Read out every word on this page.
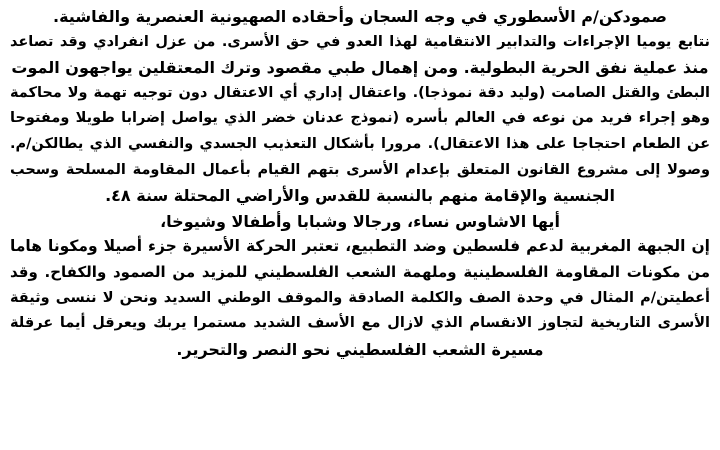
صمودكن/م الأسطوري في وجه السجان وأحقاده الصهيونية العنصرية والفاشية.
نتابع يوميا الإجراءات والتدابير الانتقامية لهذا العدو في حق الأسرى. من عزل انفرادي وقد تصاعد
منذ عملية نفق الحرية البطولية. ومن إهمال طبي مقصود وترك المعتقلين يواجهون الموت
البطئ والقتل الصامت (وليد دقة نموذجا). واعتقال إداري أي الاعتقال دون توجيه تهمة ولا محاكمة
وهو إجراء فريد من نوعه في العالم بأسره (نموذج عدنان خضر الذي يواصل إضرابا طويلا ومفتوحا
عن الطعام احتجاجا على هذا الاعتقال). مرورا بأشكال التعذيب الجسدي والنفسي الذي يطالكن/م.
وصولا إلى مشروع القانون المتعلق بإعدام الأسرى بتهم القيام بأعمال المقاومة المسلحة وسحب
الجنسية والإقامة منهم بالنسبة للقدس والأراضي المحتلة سنة ٤٨.
أيها الاشاوس نساء، ورجالا وشبابا وأطفالا وشيوخا،
إن الجبهة المغربية لدعم فلسطين وضد التطبيع، تعتبر الحركة الأسيرة جزء أصيلا ومكونا هاما
من مكونات المقاومة الفلسطينية وملهمة الشعب الفلسطيني للمزيد من الصمود والكفاح. وقد
أعطيتن/م المثال في وحدة الصف والكلمة الصادقة والموقف الوطني السديد ونحن لا ننسى وثيقة
الأسرى التاريخية لتجاوز الانقسام الذي لازال مع الأسف الشديد مستمرا يربك ويعرقل أيما عرقلة
مسيرة الشعب الفلسطيني نحو النصر والتحرير.
